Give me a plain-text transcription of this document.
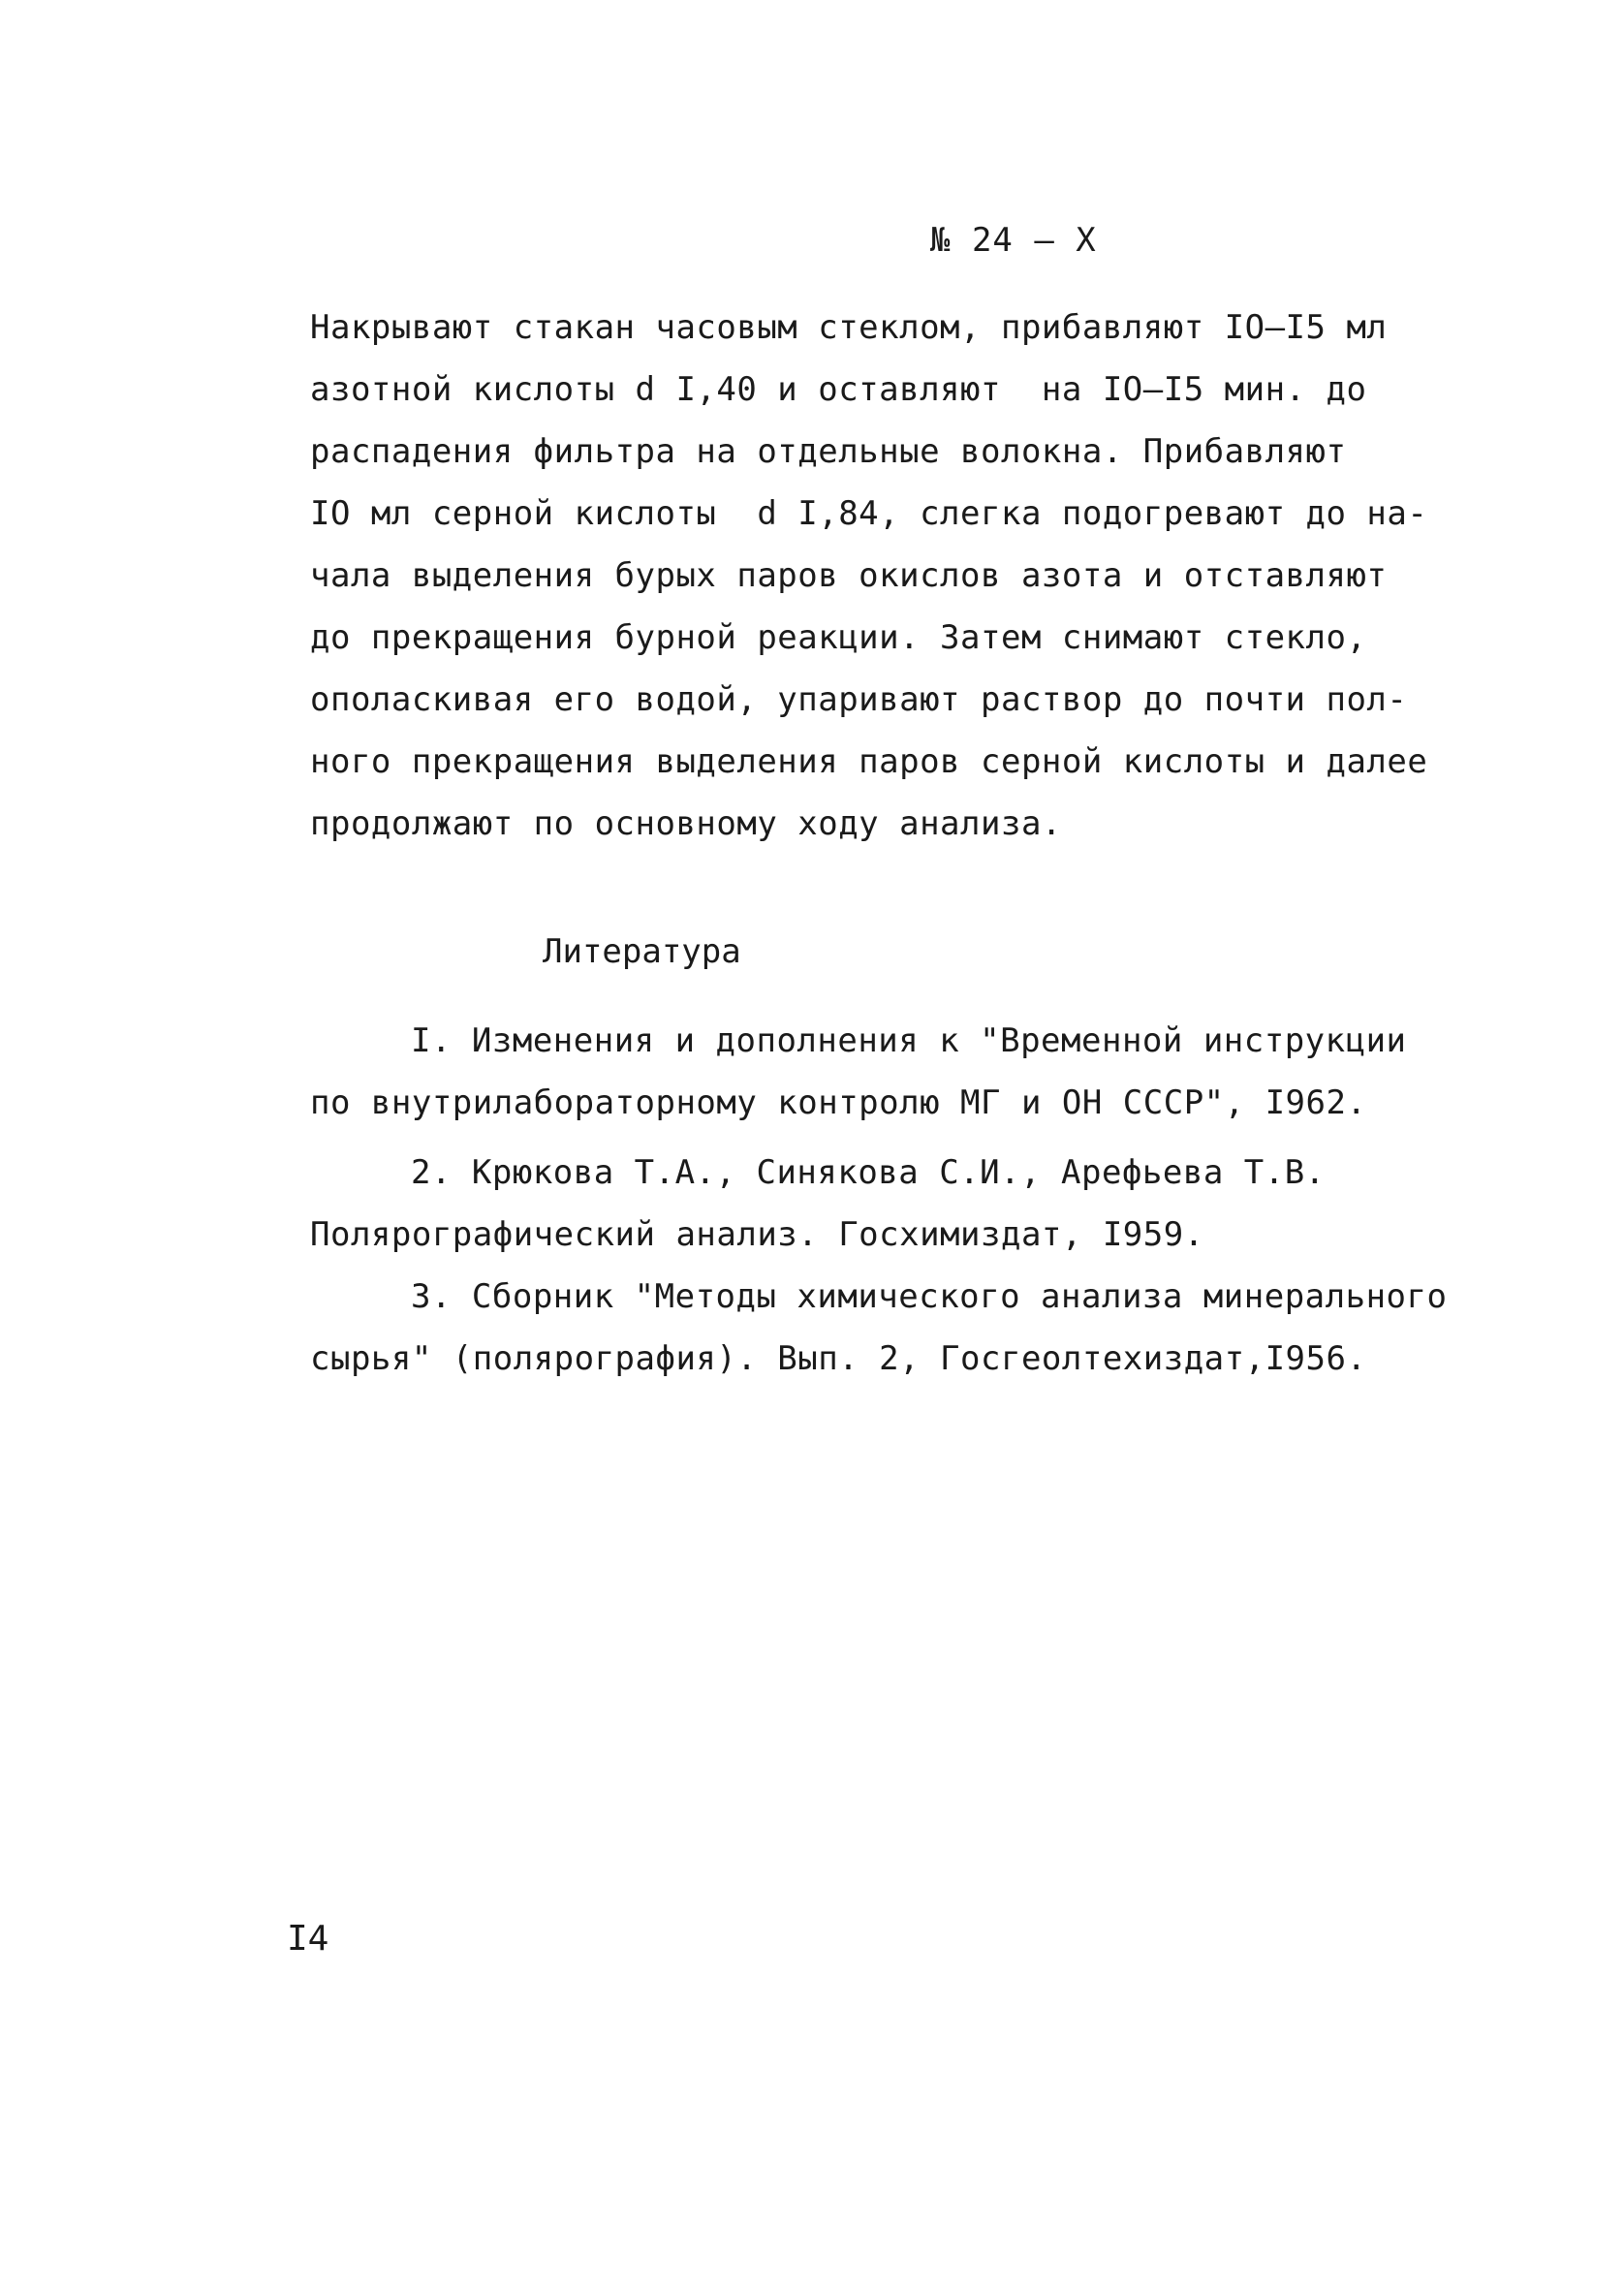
№ 24 – X
Накрывают стакан часовым стеклом, прибавляют IO–I5 мл
азотной кислоты d I,40 и оставляют  на IO–I5 мин. до
распадения фильтра на отдельные волокна. Прибавляют
IO мл серной кислоты  d I,84, слегка подогревают до на-
чала выделения бурых паров окислов азота и отставляют
до прекращения бурной реакции. Затем снимают стекло,
ополаскивая его водой, упаривают раствор до почти пол-
ного прекращения выделения паров серной кислоты и далее
продолжают по основному ходу анализа.
Литература
I. Изменения и дополнения к "Временной инструкции
по внутрилабораторному контролю МГ и ОН СССР", I962.
2. Крюкова Т.А., Синякова С.И., Арефьева Т.В.
Полярографический анализ. Госхимиздат, I959.
3. Сборник "Методы химического анализа минерального
сырья" (полярография). Вып. 2, Госгеолтехиздат,I956.
I4
